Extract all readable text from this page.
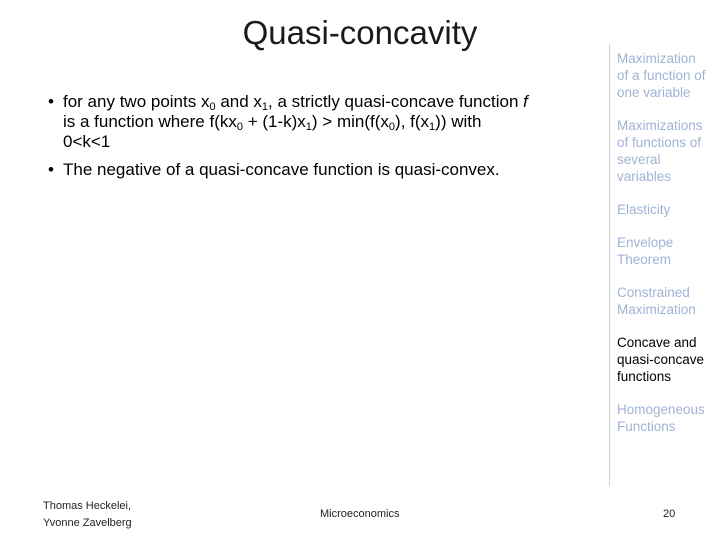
Quasi-concavity
• for any two points $x_0$ and $x_1$, a strictly quasi-concave function f
is a function where $f(kx_0 + (1-k)x_1) > \min(f(x_0)$, $f(x_1)$) with
0<k<1
• The negative of a quasi-concave function is quasi-convex.
Maximization
of a function of
one variable
Maximizations
of functions of
several
variables
Elasticity
Envelope
Theorem
Constrained
Maximization
Concave and
quasi-concave
functions
Homogeneous
Functions
Thomas Heckelei,
Yvonne Zavelberg
Microeconomics	20
